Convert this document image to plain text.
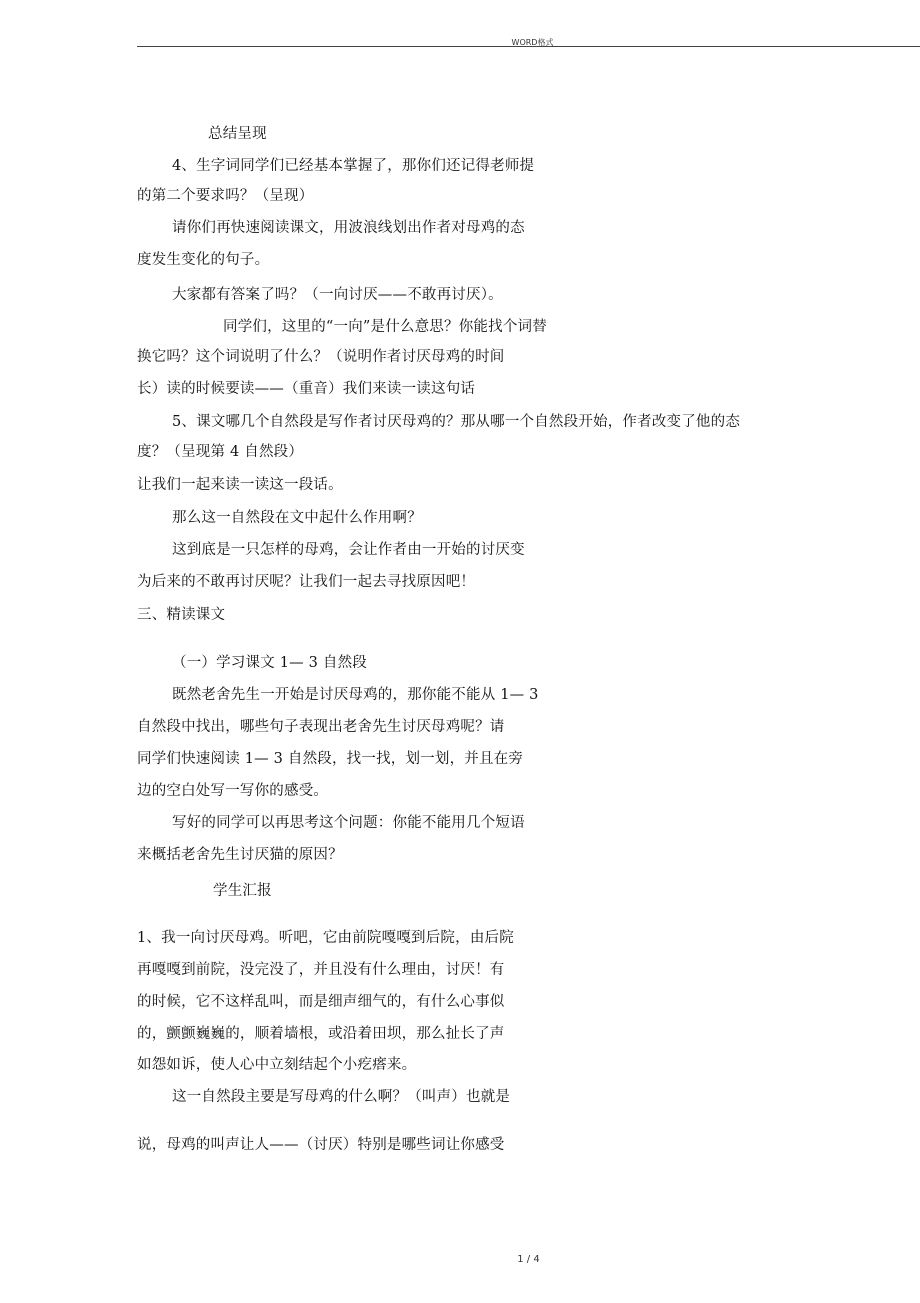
WORD格式
总结呈现
4、生字词同学们已经基本掌握了，那你们还记得老师提
的第二个要求吗？（呈现）
请你们再快速阅读课文，用波浪线划出作者对母鸡的态
度发生变化的句子。
大家都有答案了吗？（一向讨厌——不敢再讨厌）。
同学们，这里的“一向”是什么意思？你能找个词替
换它吗？这个词说明了什么？（说明作者讨厌母鸡的时间
长）读的时候要读——（重音）我们来读一读这句话
5、课文哪几个自然段是写作者讨厌母鸡的？那从哪一个自然段开始，作者改变了他的态
度？（呈现第 4 自然段）
让我们一起来读一读这一段话。
那么这一自然段在文中起什么作用啊？
这到底是一只怎样的母鸡，会让作者由一开始的讨厌变
为后来的不敢再讨厌呢？让我们一起去寻找原因吧！
三、精读课文
（一）学习课文 1— 3 自然段
既然老舍先生一开始是讨厌母鸡的，那你能不能从 1— 3
自然段中找出，哪些句子表现出老舍先生讨厌母鸡呢？请
同学们快速阅读 1— 3 自然段，找一找，划一划，并且在旁
边的空白处写一写你的感受。
写好的同学可以再思考这个问题：你能不能用几个短语
来概括老舍先生讨厌猫的原因？
学生汇报
1、我一向讨厌母鸡。听吧，它由前院嘎嘎到后院，由后院
再嘎嘎到前院，没完没了，并且没有什么理由，讨厌！有
的时候，它不这样乱叫，而是细声细气的，有什么心事似
的，颤颤巍巍的，顺着墙根，或沿着田坝，那么扯长了声
如怨如诉，使人心中立刻结起个小疙瘩来。
这一自然段主要是写母鸡的什么啊？（叫声）也就是
说，母鸡的叫声让人——（讨厌）特别是哪些词让你感受
1 / 4
